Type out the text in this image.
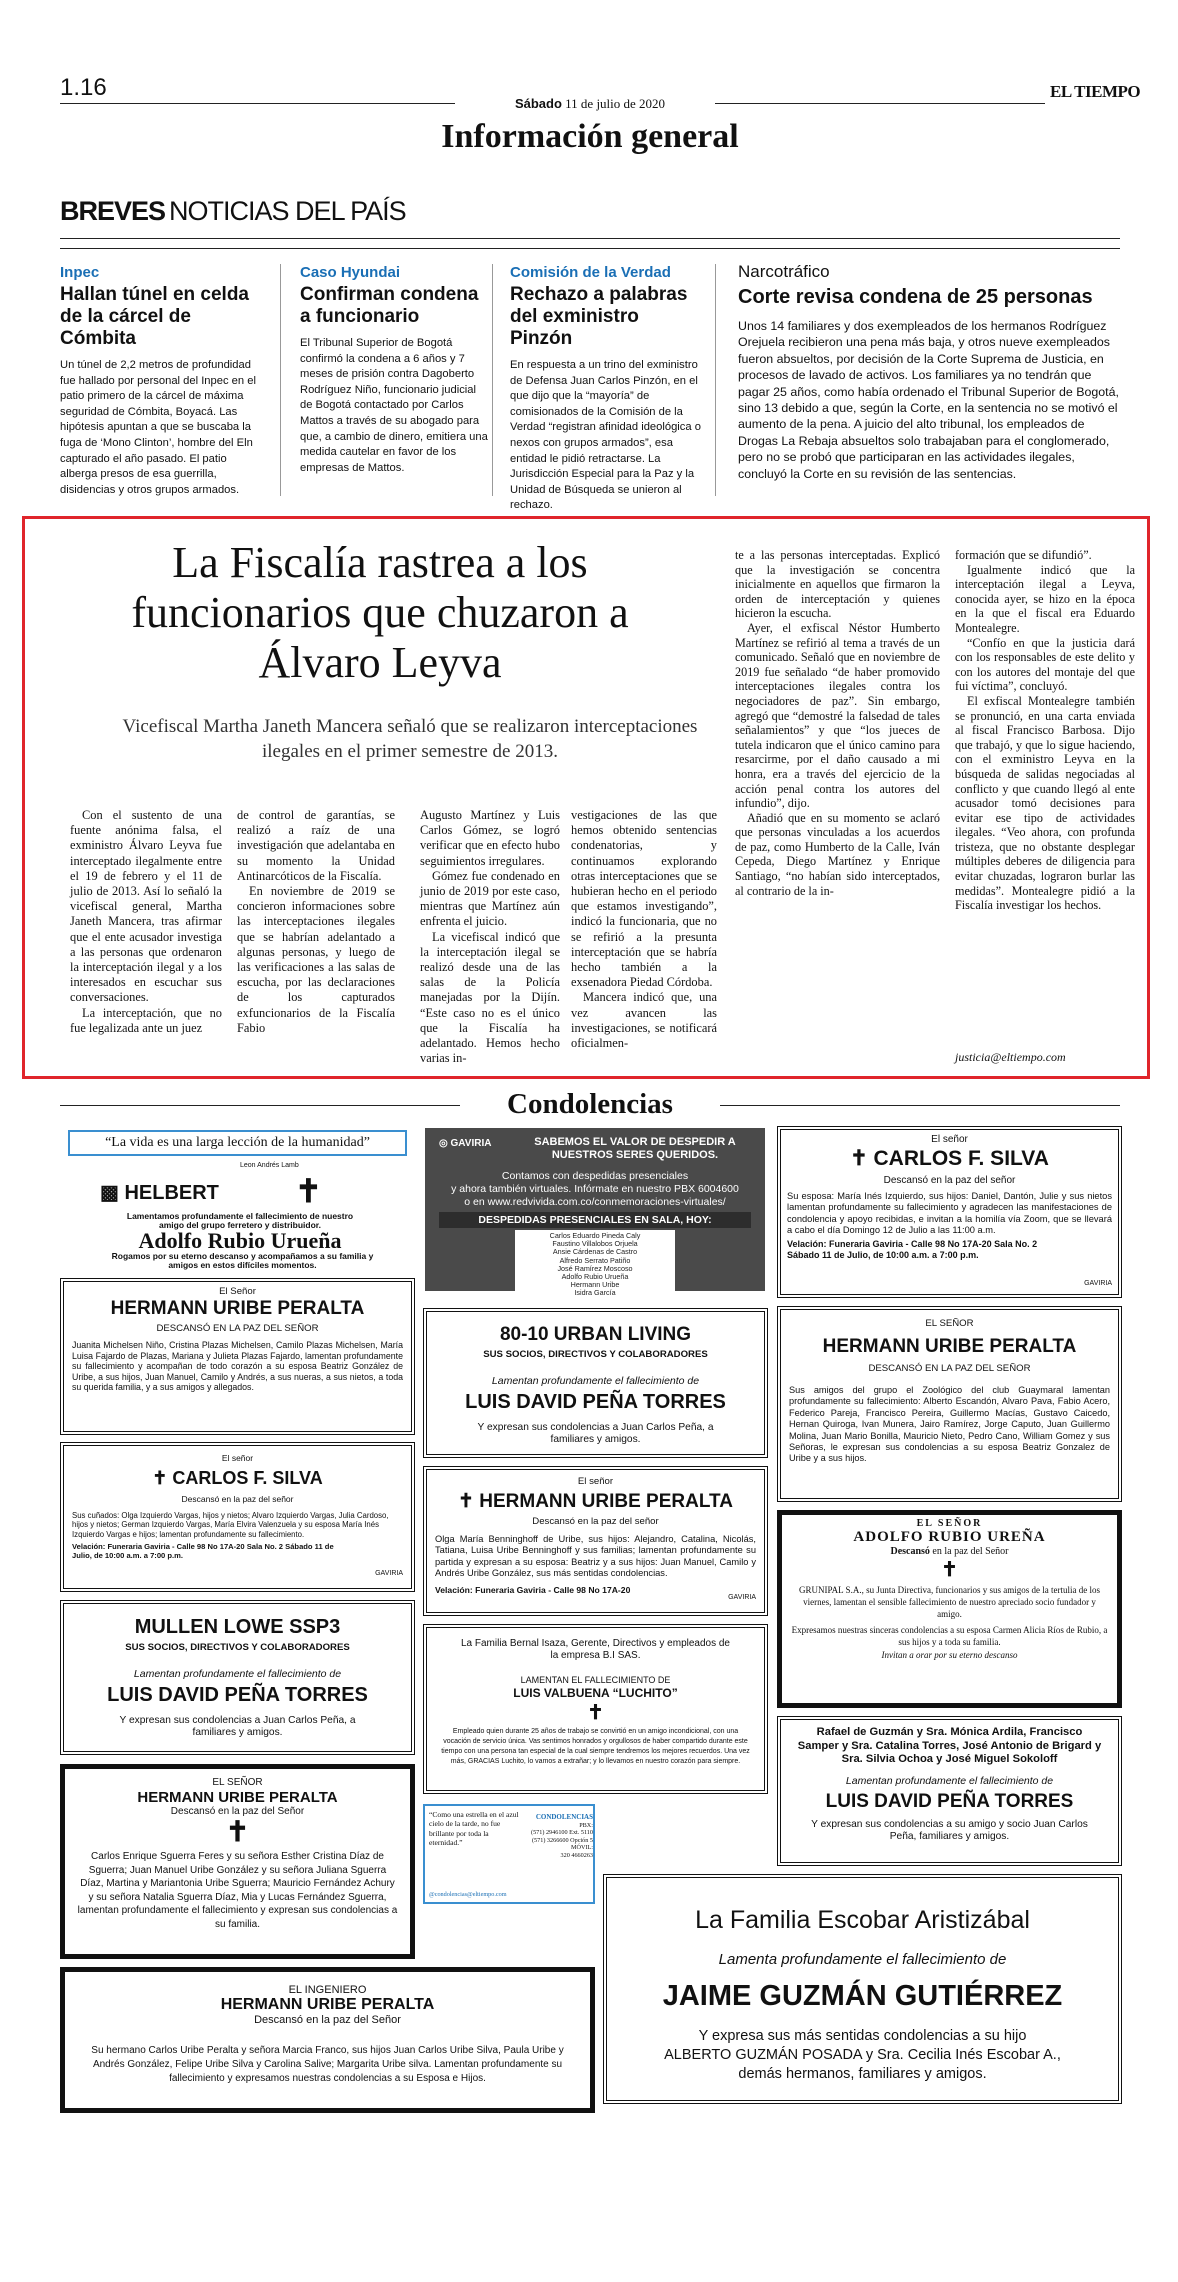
1.16
Sábado 11 de julio de 2020
EL TIEMPO
Información general
BREVES NOTICIAS DEL PAÍS
Inpec
Hallan túnel en celda de la cárcel de Cómbita
Un túnel de 2,2 metros de profundidad fue hallado por personal del Inpec en el patio primero de la cárcel de máxima seguridad de Cómbita, Boyacá. Las hipótesis apuntan a que se buscaba la fuga de ‘Mono Clinton’, hombre del Eln capturado el año pasado. El patio alberga presos de esa guerrilla, disidencias y otros grupos armados.
Caso Hyundai
Confirman condena a funcionario
El Tribunal Superior de Bogotá confirmó la condena a 6 años y 7 meses de prisión contra Dagoberto Rodríguez Niño, funcionario judicial de Bogotá contactado por Carlos Mattos a través de su abogado para que, a cambio de dinero, emitiera una medida cautelar en favor de los empresas de Mattos.
Comisión de la Verdad
Rechazo a palabras del exministro Pinzón
En respuesta a un trino del exministro de Defensa Juan Carlos Pinzón, en el que dijo que la “mayoría” de comisionados de la Comisión de la Verdad “registran afinidad ideológica o nexos con grupos armados”, esa entidad le pidió retractarse. La Jurisdicción Especial para la Paz y la Unidad de Búsqueda se unieron al rechazo.
Narcotráfico
Corte revisa condena de 25 personas
Unos 14 familiares y dos exempleados de los hermanos Rodríguez Orejuela recibieron una pena más baja, y otros nueve exempleados fueron absueltos, por decisión de la Corte Suprema de Justicia, en procesos de lavado de activos. Los familiares ya no tendrán que pagar 25 años, como había ordenado el Tribunal Superior de Bogotá, sino 13 debido a que, según la Corte, en la sentencia no se motivó el aumento de la pena. A juicio del alto tribunal, los empleados de Drogas La Rebaja absueltos solo trabajaban para el conglomerado, pero no se probó que participaran en las actividades ilegales, concluyó la Corte en su revisión de las sentencias.
La Fiscalía rastrea a los funcionarios que chuzaron a Álvaro Leyva
Vicefiscal Martha Janeth Mancera señaló que se realizaron interceptaciones ilegales en el primer semestre de 2013.

Con el sustento de una fuente anónima falsa, el exministro Álvaro Leyva fue interceptado ilegalmente entre el 19 de febrero y el 11 de julio de 2013. Así lo señaló la vicefiscal general, Martha Janeth Mancera, tras afirmar que el ente acusador investiga a las personas que ordenaron la interceptación ilegal y a los interesados en escuchar sus conversaciones.

La interceptación, que no fue legalizada ante un juez

de control de garantías, se realizó a raíz de una investigación que adelantaba en su momento la Unidad Antinarcóticos de la Fiscalía.

En noviembre de 2019 se concieron informaciones sobre las interceptaciones ilegales que se habrían adelantado a algunas personas, y luego de las verificaciones a las salas de escucha, por las declaraciones de los capturados exfuncionarios de la Fiscalía Fabio

Augusto Martínez y Luis Carlos Gómez, se logró verificar que en efecto hubo seguimientos irregulares.

Gómez fue condenado en junio de 2019 por este caso, mientras que Martínez aún enfrenta el juicio.

La vicefiscal indicó que la interceptación ilegal se realizó desde una de las salas de la Policía manejadas por la Dijín. “Este caso no es el único que la Fiscalía ha adelantado. Hemos hecho varias in-

vestigaciones de las que hemos obtenido sentencias condenatorias, y continuamos explorando otras interceptaciones que se hubieran hecho en el periodo que estamos investigando”, indicó la funcionaria, que no se refirió a la presunta interceptación que se habría hecho también a la exsenadora Piedad Córdoba.

Mancera indicó que, una vez avancen las investigaciones, se notificará oficialmen-

te a las personas interceptadas. Explicó que la investigación se concentra inicialmente en aquellos que firmaron la orden de interceptación y quienes hicieron la escucha.

Ayer, el exfiscal Néstor Humberto Martínez se refirió al tema a través de un comunicado. Señaló que en noviembre de 2019 fue señalado “de haber promovido interceptaciones ilegales contra los negociadores de paz”. Sin embargo, agregó que “demostré la falsedad de tales señalamientos” y que “los jueces de tutela indicaron que el único camino para resarcirme, por el daño causado a mi honra, era a través del ejercicio de la acción penal contra los autores del infundio”, dijo.

Añadió que en su momento se aclaró que personas vinculadas a los acuerdos de paz, como Humberto de la Calle, Iván Cepeda, Diego Martínez y Enrique Santiago, “no habían sido interceptados, al contrario de la in-

formación que se difundió”.

Igualmente indicó que la interceptación ilegal a Leyva, conocida ayer, se hizo en la época en la que el fiscal era Eduardo Montealegre.

“Confío en que la justicia dará con los responsables de este delito y con los autores del montaje del que fui víctima”, concluyó.

El exfiscal Montealegre también se pronunció, en una carta enviada al fiscal Francisco Barbosa. Dijo que trabajó, y que lo sigue haciendo, con el exministro Leyva en la búsqueda de salidas negociadas al conflicto y que cuando llegó al ente acusador tomó decisiones para evitar ese tipo de actividades ilegales. “Veo ahora, con profunda tristeza, que no obstante desplegar múltiples deberes de diligencia para evitar chuzadas, lograron burlar las medidas”. Montealegre pidió a la Fiscalía investigar los hechos.

justicia@eltiempo.com
Condolencias
“La vida es una larga lección de la humanidad”
Leon Andrés Lamb
▩ HELBERT ✝
Lamentamos profundamente el fallecimiento de nuestro amigo del grupo ferretero y distribuidor.
Adolfo Rubio Urueña
Rogamos por su eterno descanso y acompañamos a su familia y amigos en estos difíciles momentos.
◎ GAVIRIA	SABEMOS EL VALOR DE DESPEDIR A NUESTROS SERES QUERIDOS.
Contamos con despedidas presenciales
y ahora también virtuales. Infórmate en nuestro PBX 6004600
o en www.redvivida.com.co/conmemoraciones-virtuales/
DESPEDIDAS PRESENCIALES EN SALA, HOY:
Carlos Eduardo Pineda Caly
Faustino Villalobos Orjuela
Ansie Cárdenas de Castro
Alfredo Serrato Patiño
José Ramírez Moscoso
Adolfo Rubio Urueña
Hermann Uribe
Isidra García
El señor
✝ CARLOS F. SILVA
Descansó en la paz del señor
Su esposa: María Inés Izquierdo, sus hijos: Daniel, Dantón, Julie y sus nietos lamentan profundamente su fallecimiento y agradecen las manifestaciones de condolencia y apoyo recibidas, e invitan a la homilía vía Zoom, que se llevará a cabo el día Domingo 12 de Julio a las 11:00 a.m.
Velación: Funeraria Gaviria - Calle 98 No 17A-20 Sala No. 2 Sábado 11 de Julio, de 10:00 a.m. a 7:00 p.m.
GAVIRIA
El Señor
HERMANN URIBE PERALTA
DESCANSÓ EN LA PAZ DEL SEÑOR
Juanita Michelsen Niño, Cristina Plazas Michelsen, Camilo Plazas Michelsen, María Luisa Fajardo de Plazas, Mariana y Julieta Plazas Fajardo, lamentan profundamente su fallecimiento y acompañan de todo corazón a su esposa Beatriz González de Uribe, a sus hijos, Juan Manuel, Camilo y Andrés, a sus nueras, a sus nietos, a toda su querida familia, y a sus amigos y allegados.
80-10 URBAN LIVING
SUS SOCIOS, DIRECTIVOS Y COLABORADORES
Lamentan profundamente el fallecimiento de
LUIS DAVID PEÑA TORRES
Y expresan sus condolencias a Juan Carlos Peña, a familiares y amigos.
EL SEÑOR
HERMANN URIBE PERALTA
DESCANSÓ EN LA PAZ DEL SEÑOR
Sus amigos del grupo el Zoológico del club Guaymaral lamentan profundamente su fallecimiento: Alberto Escandón, Alvaro Pava, Fabio Acero, Federico Pareja, Francisco Pereira, Guillermo Macías, Gustavo Caicedo, Hernan Quiroga, Ivan Munera, Jairo Ramírez, Jorge Caputo, Juan Guillermo Molina, Juan Mario Bonilla, Mauricio Nieto, Pedro Cano, William Gomez y sus Señoras, le expresan sus condolencias a su esposa Beatriz Gonzalez de Uribe y a sus hijos.
El señor
✝ CARLOS F. SILVA
Descansó en la paz del señor
Sus cuñados: Olga Izquierdo Vargas, hijos y nietos; Alvaro Izquierdo Vargas, Julia Cardoso, hijos y nietos; German Izquierdo Vargas, María Elvira Valenzuela y su esposa María Inés Izquierdo Vargas e hijos; lamentan profundamente su fallecimiento.
Velación: Funeraria Gaviria - Calle 98 No 17A-20 Sala No. 2 Sábado 11 de Julio, de 10:00 a.m. a 7:00 p.m.
GAVIRIA
El señor
✝ HERMANN URIBE PERALTA
Descansó en la paz del señor
Olga María Benninghoff de Uribe, sus hijos: Alejandro, Catalina, Nicolás, Tatiana, Luisa Uribe Benninghoff y sus familias; lamentan profundamente su partida y expresan a su esposa: Beatriz y a sus hijos: Juan Manuel, Camilo y Andrés Uribe González, sus más sentidas condolencias.
Velación: Funeraria Gaviria - Calle 98 No 17A-20
GAVIRIA
EL SEÑOR
ADOLFO RUBIO UREÑA
Descansó en la paz del Señor
✝
GRUNIPAL S.A., su Junta Directiva, funcionarios y sus amigos de la tertulia de los viernes, lamentan el sensible fallecimiento de nuestro apreciado socio fundador y amigo.
Expresamos nuestras sinceras condolencias a su esposa Carmen Alicia Ríos de Rubio, a sus hijos y a toda su familia.
Invitan a orar por su eterno descanso
MULLEN LOWE SSP3
SUS SOCIOS, DIRECTIVOS Y COLABORADORES
Lamentan profundamente el fallecimiento de
LUIS DAVID PEÑA TORRES
Y expresan sus condolencias a Juan Carlos Peña, a familiares y amigos.
La Familia Bernal Isaza, Gerente, Directivos y empleados de la empresa B.I SAS.
LAMENTAN EL FALLECIMIENTO DE
LUIS VALBUENA “LUCHITO”
✝
Empleado quien durante 25 años de trabajo se convirtió en un amigo incondicional, con una vocación de servicio única. Vas sentimos honrados y orgullosos de haber compartido durante este tiempo con una persona tan especial de la cual siempre tendremos los mejores recuerdos. Una vez más, GRACIAS Luchito, lo vamos a extrañar; y lo llevamos en nuestro corazón para siempre.
Rafael de Guzmán y Sra. Mónica Ardila, Francisco Samper y Sra. Catalina Torres, José Antonio de Brigard y Sra. Silvia Ochoa y José Miguel Sokoloff
Lamentan profundamente el fallecimiento de
LUIS DAVID PEÑA TORRES
Y expresan sus condolencias a su amigo y socio Juan Carlos Peña, familiares y amigos.
EL SEÑOR
HERMANN URIBE PERALTA
Descansó en la paz del Señor
✝
Carlos Enrique Sguerra Feres y su señora Esther Cristina Díaz de Sguerra; Juan Manuel Uribe González y su señora Juliana Sguerra Díaz, Martina y Mariantonia Uribe Sguerra; Mauricio Fernández Achury y su señora Natalia Sguerra Díaz, Mia y Lucas Fernández Sguerra, lamentan profundamente el fallecimiento y expresan sus condolencias a su familia.
“Como una estrella en el azul cielo de la tarde, no fue brillante por toda la eternidad.”
CONDOLENCIAS
PBX:
(571) 2946100 Ext. 5110
(571) 3266600 Opción 5
MÓVIL:
320 4660263
@condolencias@eltiempo.com
La Familia Escobar Aristizábal
Lamenta profundamente el fallecimiento de
JAIME GUZMÁN GUTIÉRREZ
Y expresa sus más sentidas condolencias a su hijo
ALBERTO GUZMÁN POSADA y Sra. Cecilia Inés Escobar A.,
demás hermanos, familiares y amigos.
EL INGENIERO
HERMANN URIBE PERALTA
Descansó en la paz del Señor
Su hermano Carlos Uribe Peralta y señora Marcia Franco, sus hijos Juan Carlos Uribe Silva, Paula Uribe y Andrés González, Felipe Uribe Silva y Carolina Salive; Margarita Uribe silva. Lamentan profundamente su fallecimiento y expresamos nuestras condolencias a su Esposa e Hijos.
